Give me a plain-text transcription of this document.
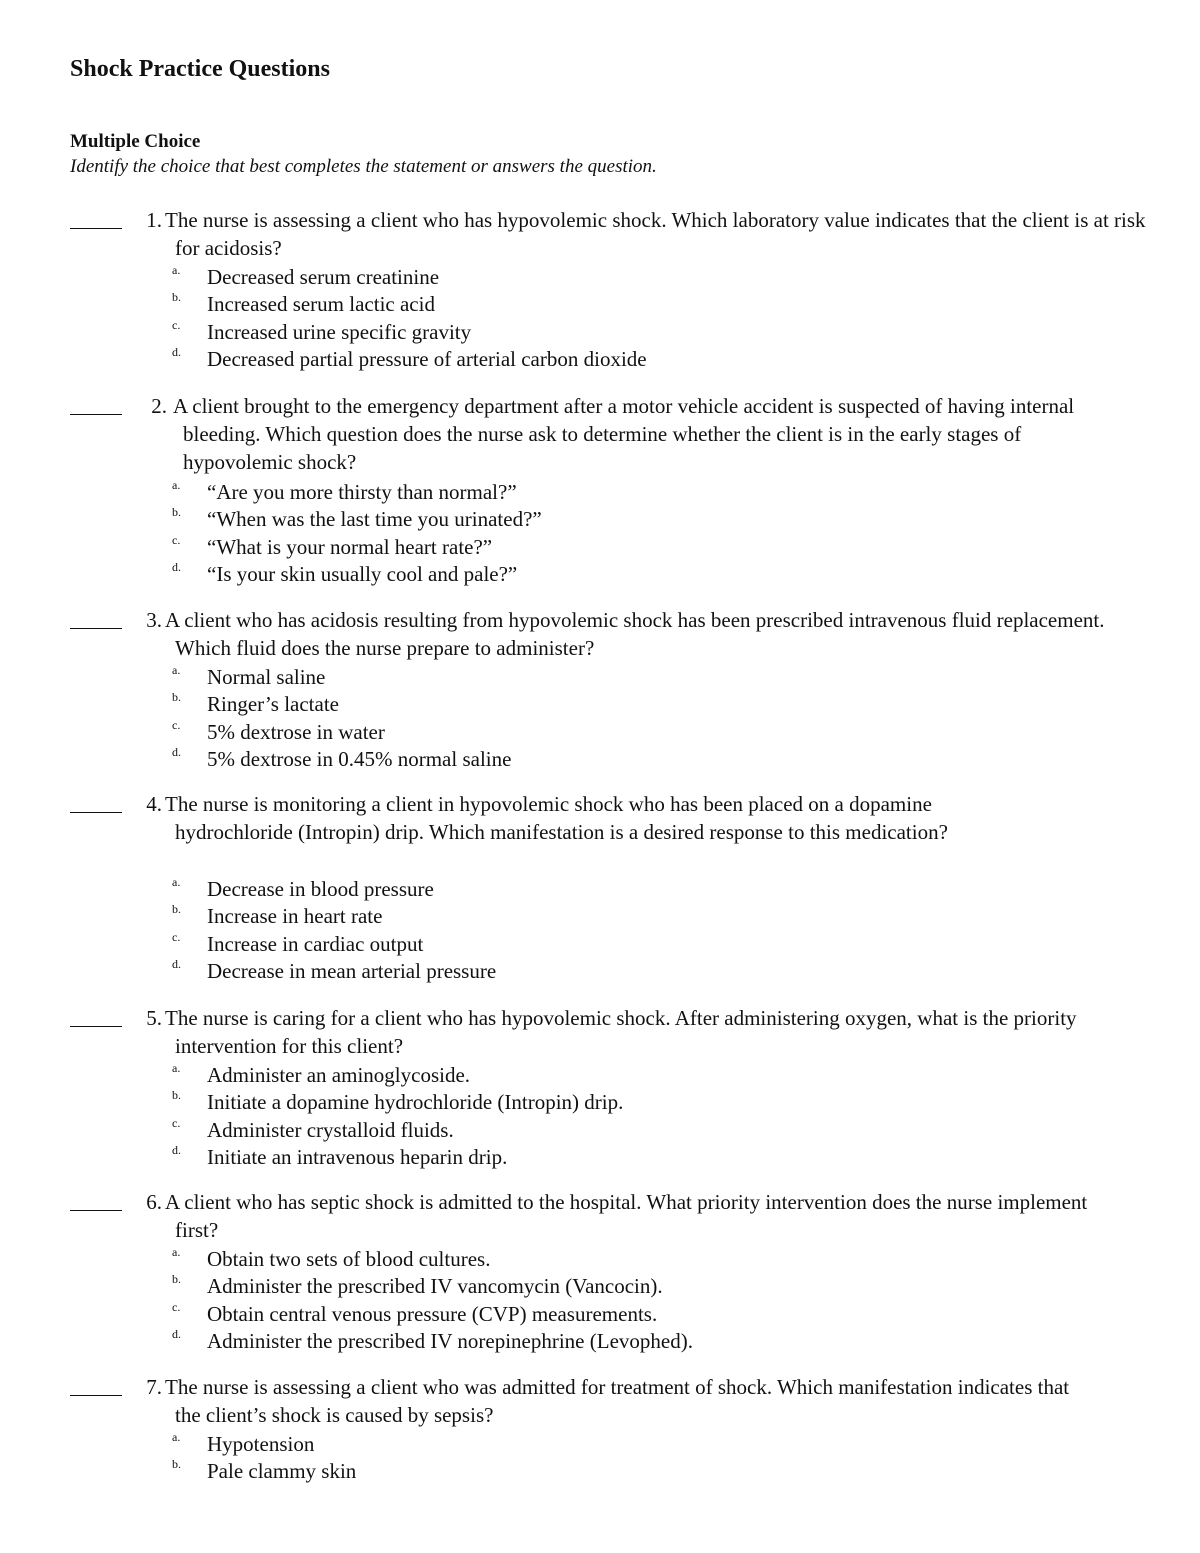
Shock Practice Questions
Multiple Choice
Identify the choice that best completes the statement or answers the question.
1. The nurse is assessing a client who has hypovolemic shock. Which laboratory value indicates that the client is at risk for acidosis?
a. Decreased serum creatinine
b. Increased serum lactic acid
c. Increased urine specific gravity
d. Decreased partial pressure of arterial carbon dioxide
2. A client brought to the emergency department after a motor vehicle accident is suspected of having internal bleeding. Which question does the nurse ask to determine whether the client is in the early stages of hypovolemic shock?
a. “Are you more thirsty than normal?”
b. “When was the last time you urinated?”
c. “What is your normal heart rate?”
d. “Is your skin usually cool and pale?”
3. A client who has acidosis resulting from hypovolemic shock has been prescribed intravenous fluid replacement. Which fluid does the nurse prepare to administer?
a. Normal saline
b. Ringer’s lactate
c. 5% dextrose in water
d. 5% dextrose in 0.45% normal saline
4. The nurse is monitoring a client in hypovolemic shock who has been placed on a dopamine hydrochloride (Intropin) drip. Which manifestation is a desired response to this medication?
a. Decrease in blood pressure
b. Increase in heart rate
c. Increase in cardiac output
d. Decrease in mean arterial pressure
5. The nurse is caring for a client who has hypovolemic shock. After administering oxygen, what is the priority intervention for this client?
a. Administer an aminoglycoside.
b. Initiate a dopamine hydrochloride (Intropin) drip.
c. Administer crystalloid fluids.
d. Initiate an intravenous heparin drip.
6. A client who has septic shock is admitted to the hospital. What priority intervention does the nurse implement first?
a. Obtain two sets of blood cultures.
b. Administer the prescribed IV vancomycin (Vancocin).
c. Obtain central venous pressure (CVP) measurements.
d. Administer the prescribed IV norepinephrine (Levophed).
7. The nurse is assessing a client who was admitted for treatment of shock. Which manifestation indicates that the client’s shock is caused by sepsis?
a. Hypotension
b. Pale clammy skin
